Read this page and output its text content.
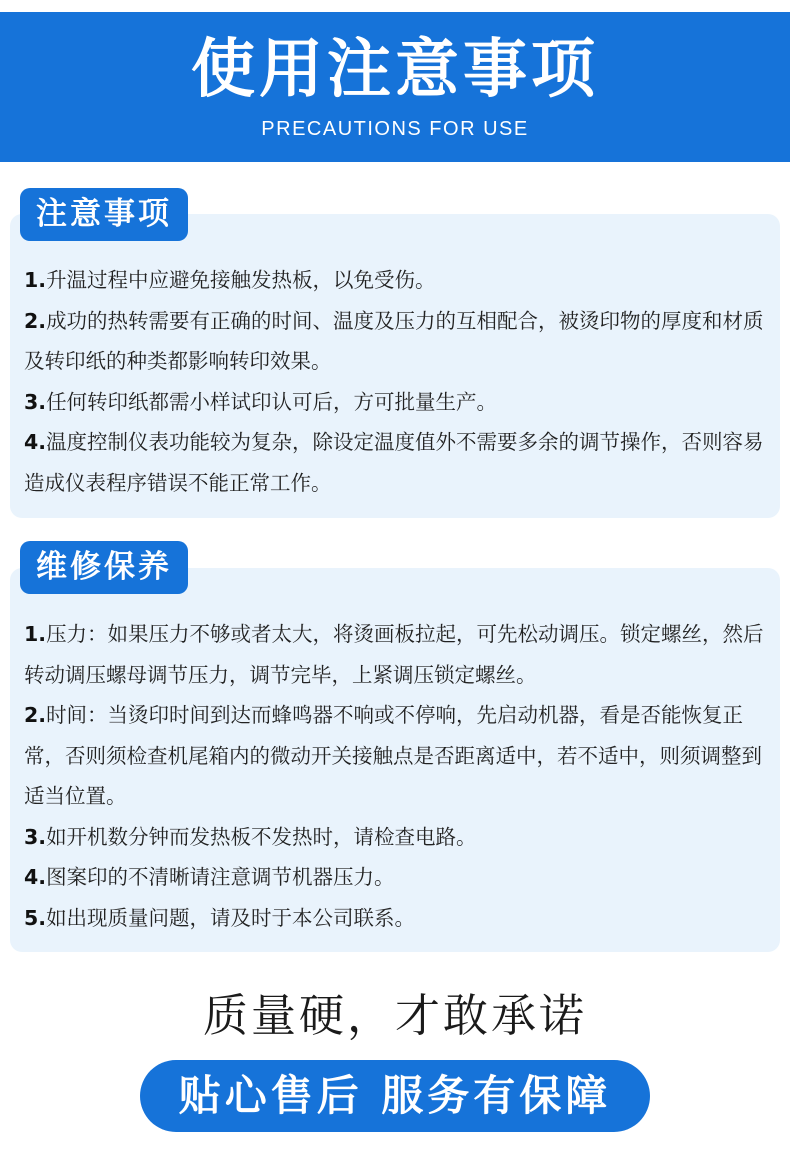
使用注意事项
PRECAUTIONS FOR USE
注意事项
1.升温过程中应避免接触发热板，以免受伤。
2.成功的热转需要有正确的时间、温度及压力的互相配合，被烫印物的厚度和材质及转印纸的种类都影响转印效果。
3.任何转印纸都需小样试印认可后，方可批量生产。
4.温度控制仪表功能较为复杂，除设定温度值外不需要多余的调节操作，否则容易造成仪表程序错误不能正常工作。
维修保养
1.压力：如果压力不够或者太大，将烫画板拉起，可先松动调压。锁定螺丝，然后转动调压螺母调节压力，调节完毕，上紧调压锁定螺丝。
2.时间：当烫印时间到达而蜂鸣器不响或不停响，先启动机器，看是否能恢复正常，否则须检查机尾箱内的微动开关接触点是否距离适中，若不适中，则须调整到适当位置。
3.如开机数分钟而发热板不发热时，请检查电路。
4.图案印的不清晰请注意调节机器压力。
5.如出现质量问题，请及时于本公司联系。
质量硬，才敢承诺
贴心售后 服务有保障
